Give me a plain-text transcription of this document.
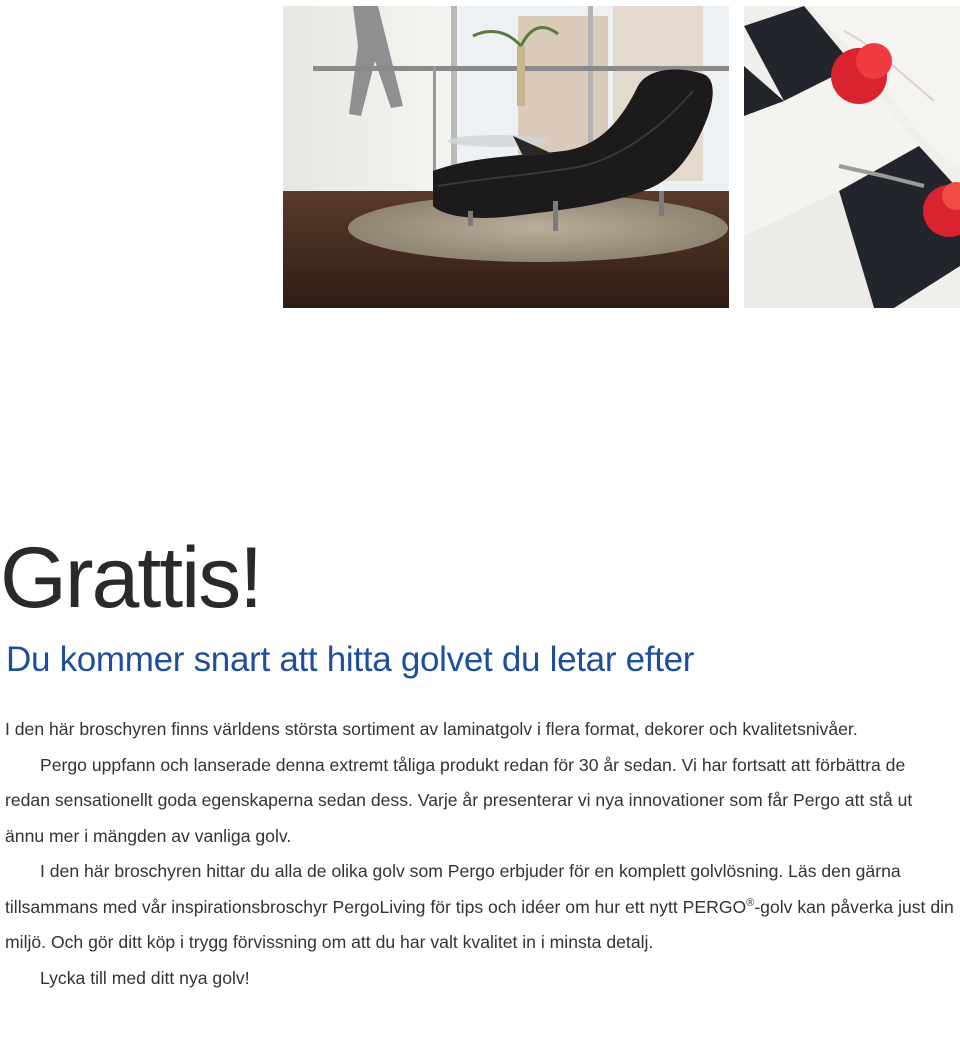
Grattis!
Du kommer snart att hitta golvet du letar efter

I den här broschyren finns världens största sortiment av laminatgolv i flera format, dekorer och kvalitetsnivåer.

Pergo uppfann och lanserade denna extremt tåliga produkt redan för 30 år sedan. Vi har fortsatt att förbättra de redan sensationellt goda egenskaperna sedan dess. Varje år presenterar vi nya innovationer som får Pergo att stå ut ännu mer i mängden av vanliga golv.

I den här broschyren hittar du alla de olika golv som Pergo erbjuder för en komplett golvlösning. Läs den gärna tillsammans med vår inspirationsbroschyr PergoLiving för tips och idéer om hur ett nytt PERGO®-golv kan påverka just din miljö. Och gör ditt köp i trygg förvissning om att du har valt kvalitet in i minsta detalj.

Lycka till med ditt nya golv!
